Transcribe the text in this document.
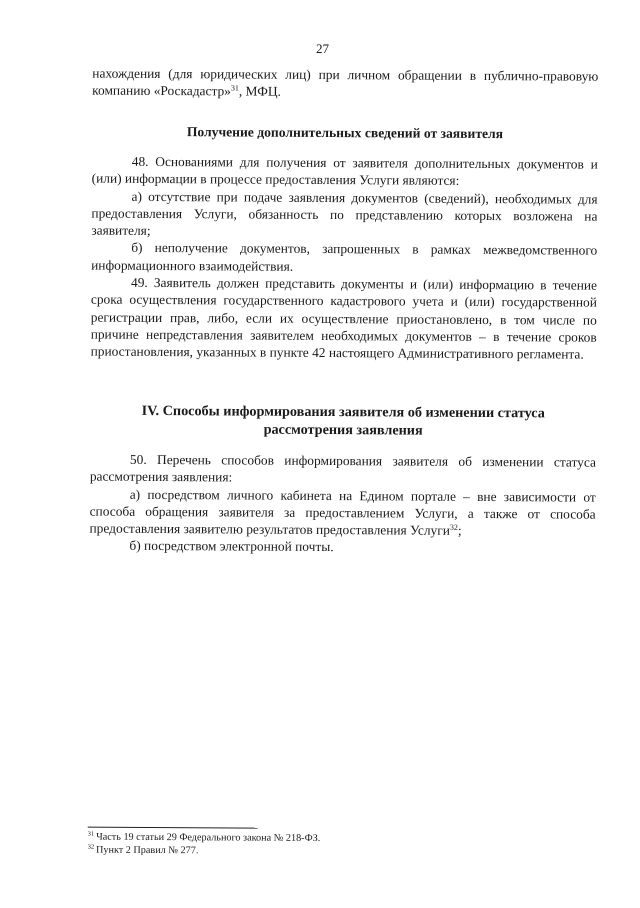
27

нахождения (для юридических лиц) при личном обращении в публично-правовую компанию «Роскадастр»$^{31}$, МФЦ.

Получение дополнительных сведений от заявителя

48. Основаниями для получения от заявителя дополнительных документов и (или) информации в процессе предоставления Услуги являются:

а) отсутствие при подаче заявления документов (сведений), необходимых для предоставления Услуги, обязанность по представлению которых возложена на заявителя;

б) неполучение документов, запрошенных в рамках межведомственного информационного взаимодействия.

49. Заявитель должен представить документы и (или) информацию в течение срока осуществления государственного кадастрового учета и (или) государственной регистрации прав, либо, если их осуществление приостановлено, в том числе по причине непредставления заявителем необходимых документов – в течение сроков приостановления, указанных в пункте 42 настоящего Административного регламента.

IV. Способы информирования заявителя об изменении статуса

рассмотрения заявления

50. Перечень способов информирования заявителя об изменении статуса рассмотрения заявления:

а) посредством личного кабинета на Едином портале – вне зависимости от способа обращения заявителя за предоставлением Услуги, а также от способа предоставления заявителю результатов предоставления Услуги$^{32}$;

б) посредством электронной почты.

$^{31}$ Часть 19 статьи 29 Федерального закона № 218-ФЗ.
$^{32}$ Пункт 2 Правил № 277.
